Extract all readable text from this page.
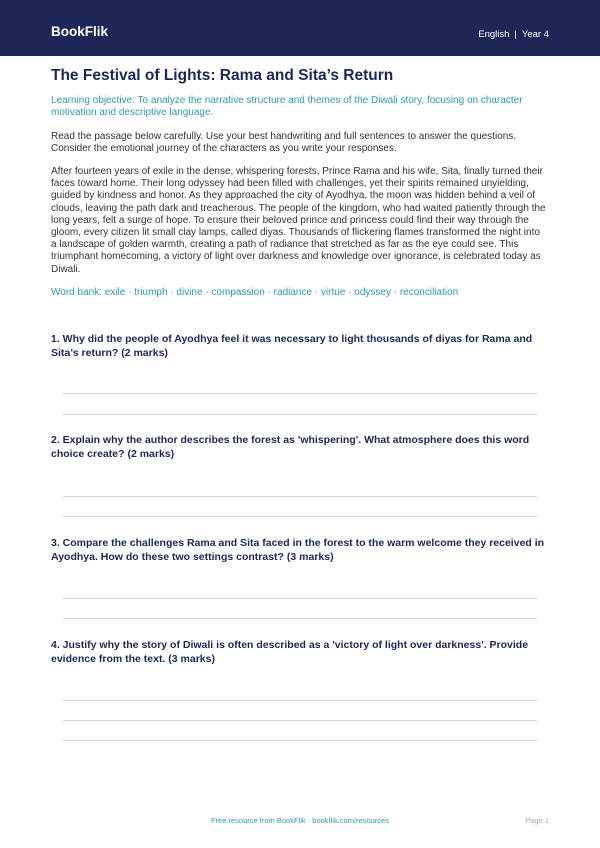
BookFlik	English | Year 4
The Festival of Lights: Rama and Sita’s Return
Learning objective: To analyze the narrative structure and themes of the Diwali story, focusing on character motivation and descriptive language.
Read the passage below carefully. Use your best handwriting and full sentences to answer the questions. Consider the emotional journey of the characters as you write your responses.
After fourteen years of exile in the dense, whispering forests, Prince Rama and his wife, Sita, finally turned their faces toward home. Their long odyssey had been filled with challenges, yet their spirits remained unyielding, guided by kindness and honor. As they approached the city of Ayodhya, the moon was hidden behind a veil of clouds, leaving the path dark and treacherous. The people of the kingdom, who had waited patiently through the long years, felt a surge of hope. To ensure their beloved prince and princess could find their way through the gloom, every citizen lit small clay lamps, called diyas. Thousands of flickering flames transformed the night into a landscape of golden warmth, creating a path of radiance that stretched as far as the eye could see. This triumphant homecoming, a victory of light over darkness and knowledge over ignorance, is celebrated today as Diwali.
Word bank: exile · triumph · divine · compassion · radiance · virtue · odyssey · reconciliation
1. Why did the people of Ayodhya feel it was necessary to light thousands of diyas for Rama and Sita’s return? (2 marks)
2. Explain why the author describes the forest as 'whispering'. What atmosphere does this word choice create? (2 marks)
3. Compare the challenges Rama and Sita faced in the forest to the warm welcome they received in Ayodhya. How do these two settings contrast? (3 marks)
4. Justify why the story of Diwali is often described as a 'victory of light over darkness'. Provide evidence from the text. (3 marks)
Free resource from BookFlik · bookflik.com/resources	Page 1
